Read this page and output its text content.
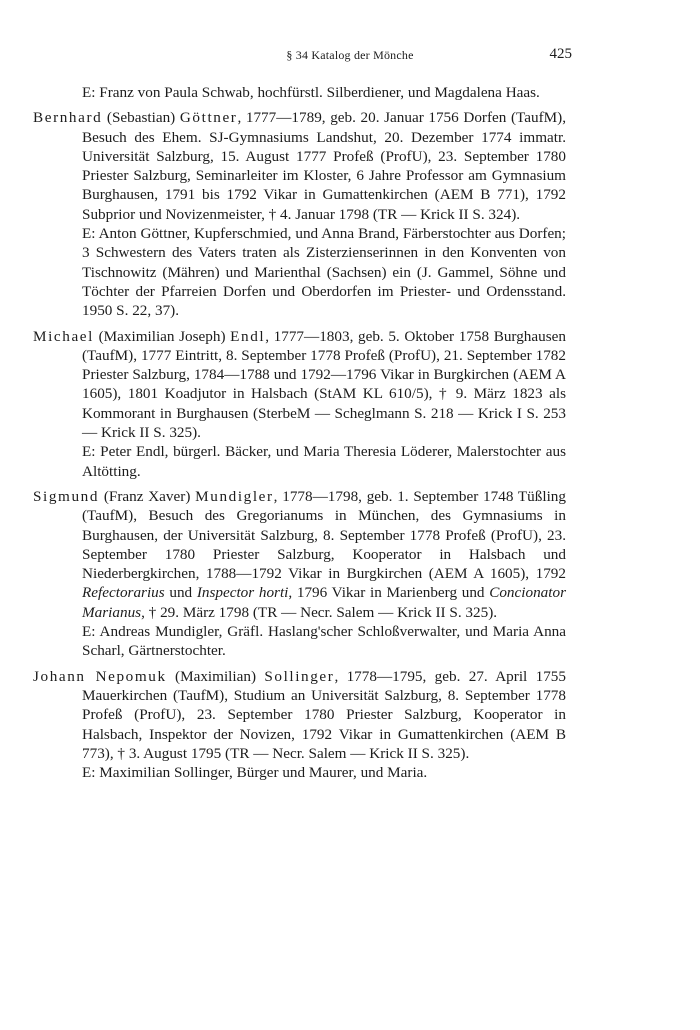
§ 34 Katalog der Mönche	425

E: Franz von Paula Schwab, hochfürstl. Silberdiener, und Magdalena Haas.

Bernhard (Sebastian) Göttner, 1777—1789, geb. 20. Januar 1756 Dorfen (TaufM), Besuch des Ehem. SJ-Gymnasiums Landshut, 20. Dezember 1774 immatr. Universität Salzburg, 15. August 1777 Profeß (ProfU), 23. September 1780 Priester Salzburg, Seminarleiter im Kloster, 6 Jahre Professor am Gymnasium Burghausen, 1791 bis 1792 Vikar in Gumattenkirchen (AEM B 771), 1792 Subprior und Novizenmeister, † 4. Januar 1798 (TR — Krick II S. 324).

E: Anton Göttner, Kupferschmied, und Anna Brand, Färberstochter aus Dorfen; 3 Schwestern des Vaters traten als Zisterzienserinnen in den Konventen von Tischnowitz (Mähren) und Marienthal (Sachsen) ein (J. Gammel, Söhne und Töchter der Pfarreien Dorfen und Oberdorfen im Priester- und Ordensstand. 1950 S. 22, 37).

Michael (Maximilian Joseph) Endl, 1777—1803, geb. 5. Oktober 1758 Burghausen (TaufM), 1777 Eintritt, 8. September 1778 Profeß (ProfU), 21. September 1782 Priester Salzburg, 1784—1788 und 1792—1796 Vikar in Burgkirchen (AEM A 1605), 1801 Koadjutor in Halsbach (StAM KL 610/5), † 9. März 1823 als Kommorant in Burghausen (SterbeM — Scheglmann S. 218 — Krick I S. 253 — Krick II S. 325).

E: Peter Endl, bürgerl. Bäcker, und Maria Theresia Löderer, Malerstochter aus Altötting.

Sigmund (Franz Xaver) Mundigler, 1778—1798, geb. 1. September 1748 Tüßling (TaufM), Besuch des Gregorianums in München, des Gymnasiums in Burghausen, der Universität Salzburg, 8. September 1778 Profeß (ProfU), 23. September 1780 Priester Salzburg, Kooperator in Halsbach und Niederbergkirchen, 1788—1792 Vikar in Burgkirchen (AEM A 1605), 1792 Refectorarius und Inspector horti, 1796 Vikar in Marienberg und Concionator Marianus, † 29. März 1798 (TR — Necr. Salem — Krick II S. 325).

E: Andreas Mundigler, Gräfl. Haslang'scher Schloßverwalter, und Maria Anna Scharl, Gärtnerstochter.

Johann Nepomuk (Maximilian) Sollinger, 1778—1795, geb. 27. April 1755 Mauerkirchen (TaufM), Studium an Universität Salzburg, 8. September 1778 Profeß (ProfU), 23. September 1780 Priester Salzburg, Kooperator in Halsbach, Inspektor der Novizen, 1792 Vikar in Gumattenkirchen (AEM B 773), † 3. August 1795 (TR — Necr. Salem — Krick II S. 325).

E: Maximilian Sollinger, Bürger und Maurer, und Maria.
